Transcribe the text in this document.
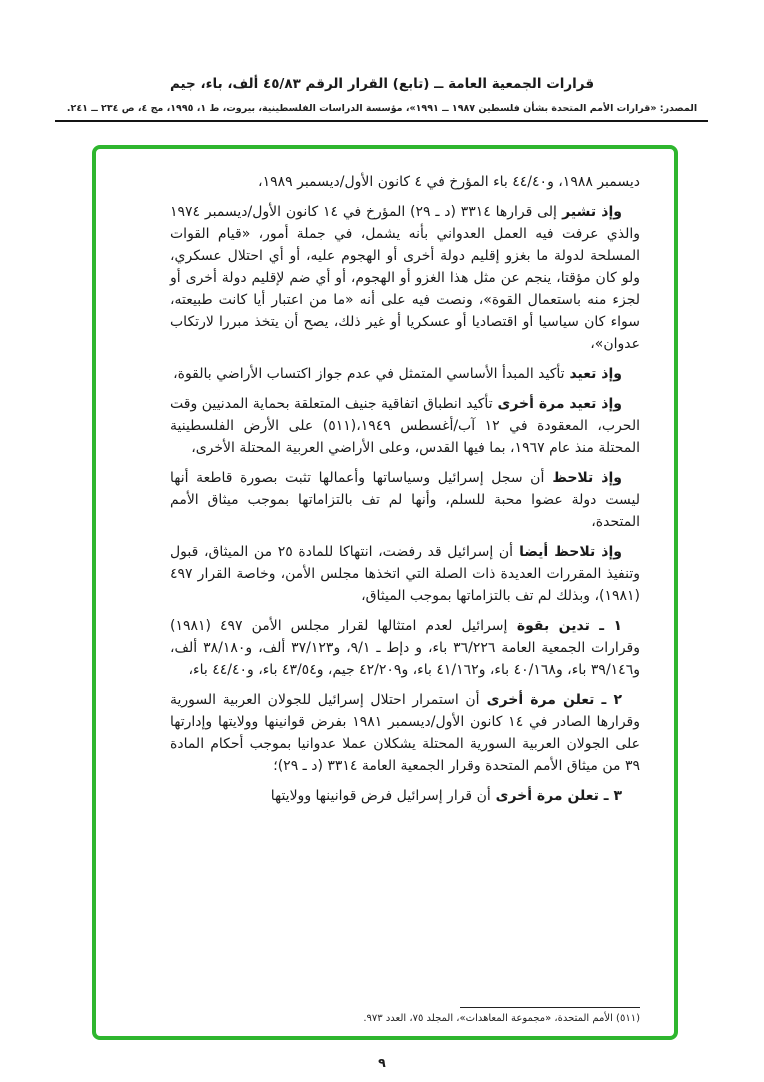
قرارات الجمعية العامة ــ (تابع) القرار الرقم ٤٥/٨٣ ألف، باء، جيم
المصدر: «قرارات الأمم المتحدة بشأن فلسطين ١٩٨٧ ــ ١٩٩١»، مؤسسة الدراسات الفلسطينية، بيروت، ط ١، ١٩٩٥، مج ٤، ص ٢٣٤ ــ ٢٤١.

ديسمبر ١٩٨٨، و٤٤/٤٠ باء المؤرخ في ٤ كانون الأول/ديسمبر ١٩٨٩،

وإذ تشير إلى قرارها ٣٣١٤ (د ـ ٢٩) المؤرخ في ١٤ كانون الأول/ديسمبر ١٩٧٤ والذي عرفت فيه العمل العدواني بأنه يشمل، في جملة أمور، «قيام القوات المسلحة لدولة ما بغزو إقليم دولة أخرى أو الهجوم عليه، أو أي احتلال عسكري، ولو كان مؤقتا، ينجم عن مثل هذا الغزو أو الهجوم، أو أي ضم لإقليم دولة أخرى أو لجزء منه باستعمال القوة»، ونصت فيه على أنه «ما من اعتبار أيا كانت طبيعته، سواء كان سياسيا أو اقتصاديا أو عسكريا أو غير ذلك، يصح أن يتخذ مبررا لارتكاب عدوان»،

وإذ تعيد تأكيد المبدأ الأساسي المتمثل في عدم جواز اكتساب الأراضي بالقوة،

وإذ تعيد مرة أخرى تأكيد انطباق اتفاقية جنيف المتعلقة بحماية المدنيين وقت الحرب، المعقودة في ١٢ آب/أغسطس ١٩٤٩،(٥١١) على الأرض الفلسطينية المحتلة منذ عام ١٩٦٧، بما فيها القدس، وعلى الأراضي العربية المحتلة الأخرى،

وإذ تلاحظ أن سجل إسرائيل وسياساتها وأعمالها تثبت بصورة قاطعة أنها ليست دولة عضوا محبة للسلم، وأنها لم تف بالتزاماتها بموجب ميثاق الأمم المتحدة،

وإذ تلاحظ أيضا أن إسرائيل قد رفضت، انتهاكا للمادة ٢٥ من الميثاق، قبول وتنفيذ المقررات العديدة ذات الصلة التي اتخذها مجلس الأمن، وخاصة القرار ٤٩٧ (١٩٨١)، وبذلك لم تف بالتزاماتها بموجب الميثاق،

١ ـ تدين بقوة إسرائيل لعدم امتثالها لقرار مجلس الأمن ٤٩٧ (١٩٨١) وقرارات الجمعية العامة ٣٦/٢٢٦ باء، و دإط ـ ٩/١، و٣٧/١٢٣ ألف، و٣٨/١٨٠ ألف، و٣٩/١٤٦ باء، و٤٠/١٦٨ باء، و٤١/١٦٢ باء، و٤٢/٢٠٩ جيم، و٤٣/٥٤ باء، و٤٤/٤٠ باء،

٢ ـ تعلن مرة أخرى أن استمرار احتلال إسرائيل للجولان العربية السورية وقرارها الصادر في ١٤ كانون الأول/ديسمبر ١٩٨١ بفرض قوانينها وولايتها وإدارتها على الجولان العربية السورية المحتلة يشكلان عملا عدوانيا بموجب أحكام المادة ٣٩ من ميثاق الأمم المتحدة وقرار الجمعية العامة ٣٣١٤ (د ـ ٢٩)؛

٣ ـ تعلن مرة أخرى أن قرار إسرائيل فرض قوانينها وولايتها

(٥١١) الأمم المتحدة، «مجموعة المعاهدات»، المجلد ٧٥، العدد ٩٧٣.
٩
